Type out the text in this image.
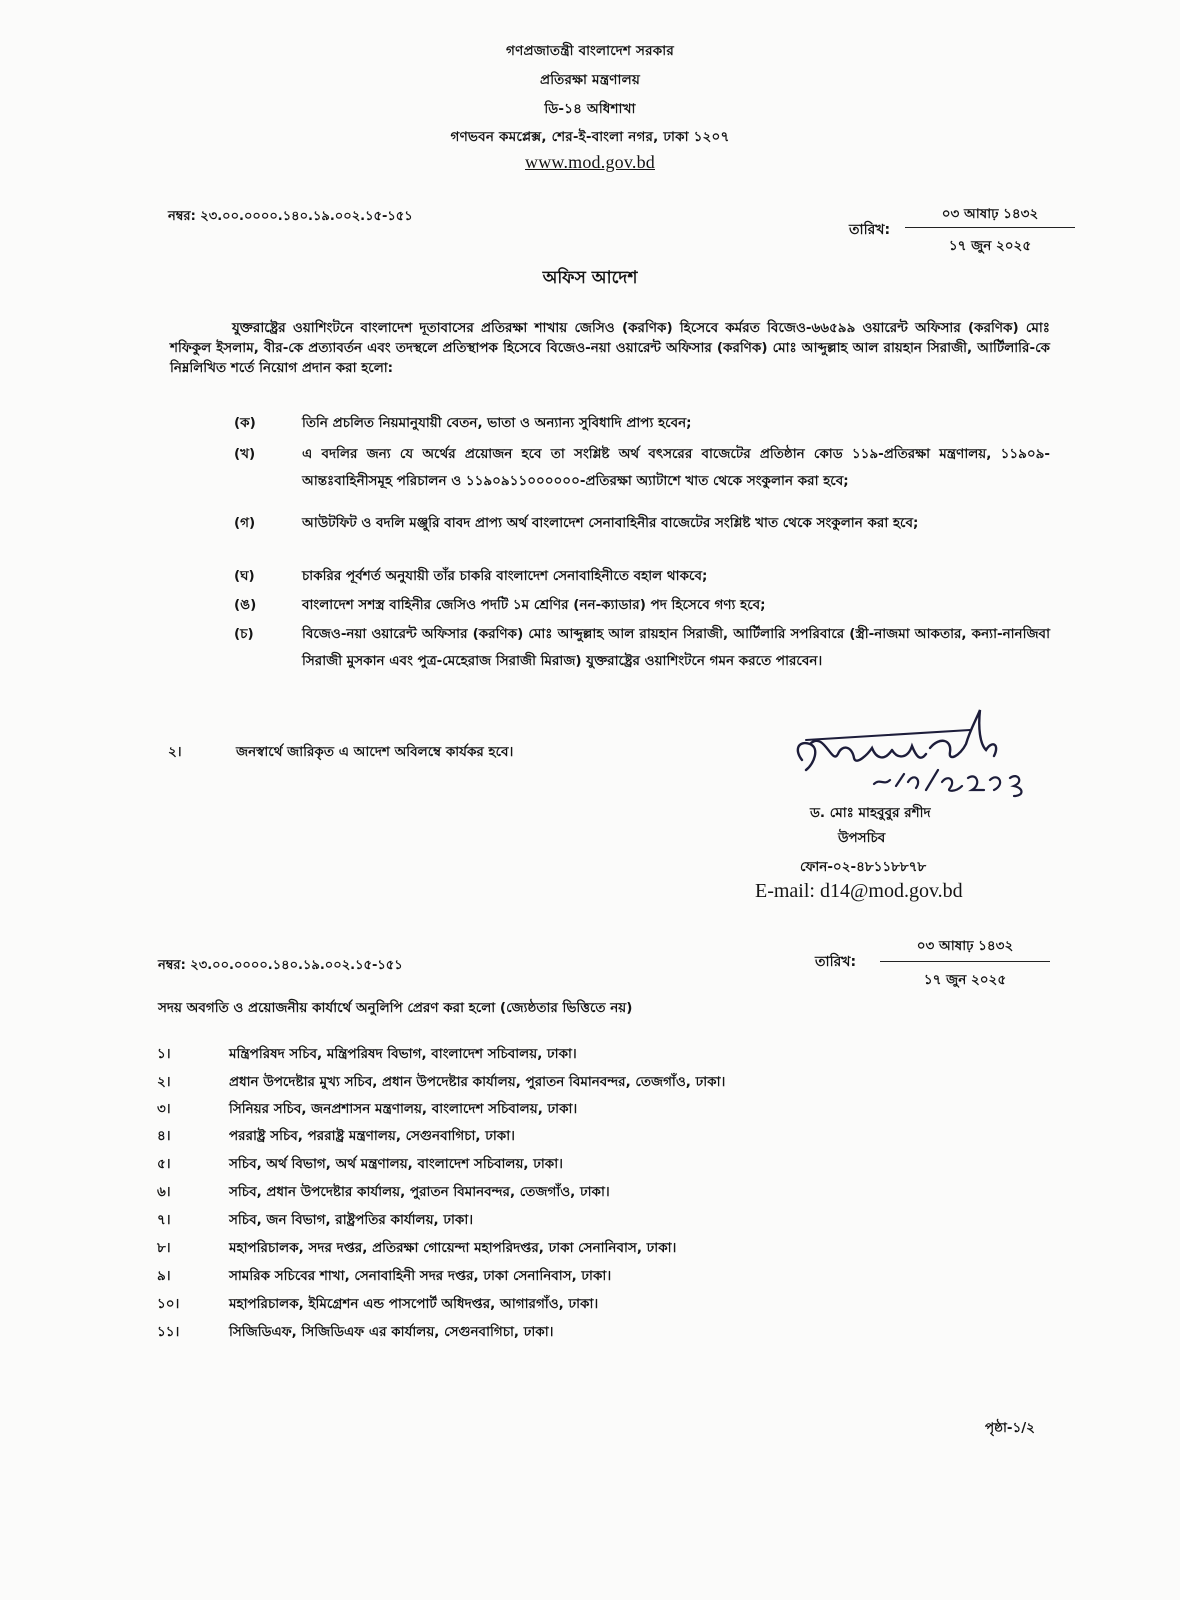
গণপ্রজাতন্ত্রী বাংলাদেশ সরকার
প্রতিরক্ষা মন্ত্রণালয়
ডি-১৪ অধিশাখা
গণভবন কমপ্লেক্স, শের-ই-বাংলা নগর, ঢাকা ১২০৭
www.mod.gov.bd
নম্বর: ২৩.০০.০০০০.১৪০.১৯.০০২.১৫-১৫১
তারিখ:
০৩ আষাঢ় ১৪৩২
১৭ জুন ২০২৫
অফিস আদেশ
যুক্তরাষ্ট্রের ওয়াশিংটনে বাংলাদেশ দূতাবাসের প্রতিরক্ষা শাখায় জেসিও (করণিক) হিসেবে কর্মরত বিজেও-৬৬৫৯৯ ওয়ারেন্ট অফিসার (করণিক) মোঃ শফিকুল ইসলাম, বীর-কে প্রত্যাবর্তন এবং তদস্থলে প্রতিস্থাপক হিসেবে বিজেও-নয়া ওয়ারেন্ট অফিসার (করণিক) মোঃ আব্দুল্লাহ আল রায়হান সিরাজী, আর্টিলারি-কে নিম্নলিখিত শর্তে নিয়োগ প্রদান করা হলো:
(ক)	তিনি প্রচলিত নিয়মানুযায়ী বেতন, ভাতা ও অন্যান্য সুবিধাদি প্রাপ্য হবেন;
(খ)	এ বদলির জন্য যে অর্থের প্রয়োজন হবে তা সংশ্লিষ্ট অর্থ বৎসরের বাজেটের প্রতিষ্ঠান কোড ১১৯-প্রতিরক্ষা মন্ত্রণালয়, ১১৯০৯-আন্তঃবাহিনীসমূহ পরিচালন ও ১১৯০৯১১০০০০০০-প্রতিরক্ষা অ্যাটাশে খাত থেকে সংকুলান করা হবে;
(গ)	আউটফিট ও বদলি মঞ্জুরি বাবদ প্রাপ্য অর্থ বাংলাদেশ সেনাবাহিনীর বাজেটের সংশ্লিষ্ট খাত থেকে সংকুলান করা হবে;
(ঘ)	চাকরির পূর্বশর্ত অনুযায়ী তাঁর চাকরি বাংলাদেশ সেনাবাহিনীতে বহাল থাকবে;
(ঙ)	বাংলাদেশ সশস্ত্র বাহিনীর জেসিও পদটি ১ম শ্রেণির (নন-ক্যাডার) পদ হিসেবে গণ্য হবে;
(চ)	বিজেও-নয়া ওয়ারেন্ট অফিসার (করণিক) মোঃ আব্দুল্লাহ আল রায়হান সিরাজী, আর্টিলারি সপরিবারে (স্ত্রী-নাজমা আকতার, কন্যা-নানজিবা সিরাজী মুসকান এবং পুত্র-মেহেরাজ সিরাজী মিরাজ) যুক্তরাষ্ট্রের ওয়াশিংটনে গমন করতে পারবেন।
২।	জনস্বার্থে জারিকৃত এ আদেশ অবিলম্বে কার্যকর হবে।
ড. মোঃ মাহবুবুর রশীদ
উপসচিব
ফোন-০২-৪৮১১৮৮৭৮
E-mail: d14@mod.gov.bd
নম্বর: ২৩.০০.০০০০.১৪০.১৯.০০২.১৫-১৫১	তারিখ:
০৩ আষাঢ় ১৪৩২
১৭ জুন ২০২৫
সদয় অবগতি ও প্রয়োজনীয় কার্যার্থে অনুলিপি প্রেরণ করা হলো (জ্যেষ্ঠতার ভিত্তিতে নয়)
১।	মন্ত্রিপরিষদ সচিব, মন্ত্রিপরিষদ বিভাগ, বাংলাদেশ সচিবালয়, ঢাকা।
২।	প্রধান উপদেষ্টার মুখ্য সচিব, প্রধান উপদেষ্টার কার্যালয়, পুরাতন বিমানবন্দর, তেজগাঁও, ঢাকা।
৩।	সিনিয়র সচিব, জনপ্রশাসন মন্ত্রণালয়, বাংলাদেশ সচিবালয়, ঢাকা।
৪।	পররাষ্ট্র সচিব, পররাষ্ট্র মন্ত্রণালয়, সেগুনবাগিচা, ঢাকা।
৫।	সচিব, অর্থ বিভাগ, অর্থ মন্ত্রণালয়, বাংলাদেশ সচিবালয়, ঢাকা।
৬।	সচিব, প্রধান উপদেষ্টার কার্যালয়, পুরাতন বিমানবন্দর, তেজগাঁও, ঢাকা।
৭।	সচিব, জন বিভাগ, রাষ্ট্রপতির কার্যালয়, ঢাকা।
৮।	মহাপরিচালক, সদর দপ্তর, প্রতিরক্ষা গোয়েন্দা মহাপরিদপ্তর, ঢাকা সেনানিবাস, ঢাকা।
৯।	সামরিক সচিবের শাখা, সেনাবাহিনী সদর দপ্তর, ঢাকা সেনানিবাস, ঢাকা।
১০।	মহাপরিচালক, ইমিগ্রেশন এন্ড পাসপোর্ট অধিদপ্তর, আগারগাঁও, ঢাকা।
১১।	সিজিডিএফ, সিজিডিএফ এর কার্যালয়, সেগুনবাগিচা, ঢাকা।
পৃষ্ঠা-১/২
